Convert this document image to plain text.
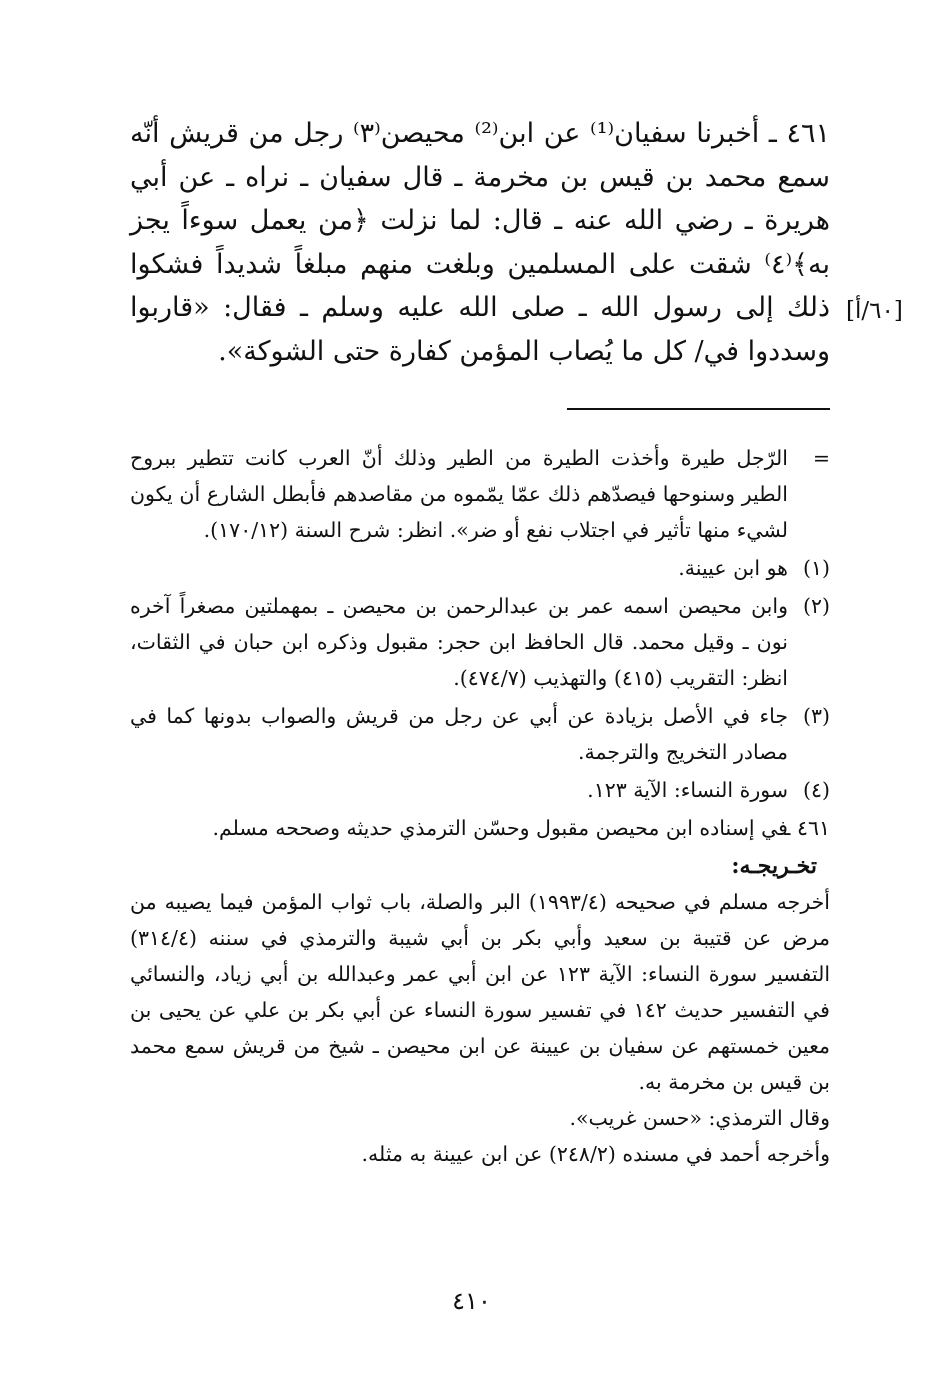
٤٦١ ـ أخبرنا سفيان⁽¹⁾ عن ابن⁽²⁾ محيصن⁽٣⁾ رجل من قريش أنّه سمع محمد بن قيس بن مخرمة ـ قال سفيان ـ نراه ـ عن أبي هريرة ـ رضي الله عنه ـ قال: لما نزلت ﴿من يعمل سوءاً يجز به﴾⁽٤⁾ شقت على المسلمين وبلغت منهم مبلغاً شديداً فشكوا ذلك إلى رسول الله ـ صلى الله عليه وسلم ـ فقال: «قاربوا وسددوا في/ كل ما يُصاب المؤمن كفارة حتى الشوكة».

[٦٠/أ]
=
الرّجل طيرة وأخذت الطيرة من الطير وذلك أنّ العرب كانت تتطير ببروح الطير وسنوحها فيصدّهم ذلك عمّا يمّموه من مقاصدهم فأبطل الشارع أن يكون لشيء منها تأثير في اجتلاب نفع أو ضر». انظر: شرح السنة (١٧٠/١٢).
(١)
هو ابن عيينة.
(٢)
وابن محيصن اسمه عمر بن عبدالرحمن بن محيصن ـ بمهملتين مصغراً آخره نون ـ وقيل محمد. قال الحافظ ابن حجر: مقبول وذكره ابن حبان في الثقات، انظر: التقريب (٤١٥) والتهذيب (٤٧٤/٧).
(٣)
جاء في الأصل بزيادة عن أبي عن رجل من قريش والصواب بدونها كما في مصادر التخريج والترجمة.
(٤)
سورة النساء: الآية ١٢٣.
٤٦١ ـ
في إسناده ابن محيصن مقبول وحسّن الترمذي حديثه وصححه مسلم.

تخـريجـه:

أخرجه مسلم في صحيحه (١٩٩٣/٤) البر والصلة، باب ثواب المؤمن فيما يصيبه من مرض عن قتيبة بن سعيد وأبي بكر بن أبي شيبة والترمذي في سننه (٣١٤/٤) التفسير سورة النساء: الآية ١٢٣ عن ابن أبي عمر وعبدالله بن أبي زياد، والنسائي في التفسير حديث ١٤٢ في تفسير سورة النساء عن أبي بكر بن علي عن يحيى بن معين خمستهم عن سفيان بن عيينة عن ابن محيصن ـ شيخ من قريش سمع محمد بن قيس بن مخرمة به.

وقال الترمذي: «حسن غريب».

وأخرجه أحمد في مسنده (٢٤٨/٢) عن ابن عيينة به مثله.

٤١٠
